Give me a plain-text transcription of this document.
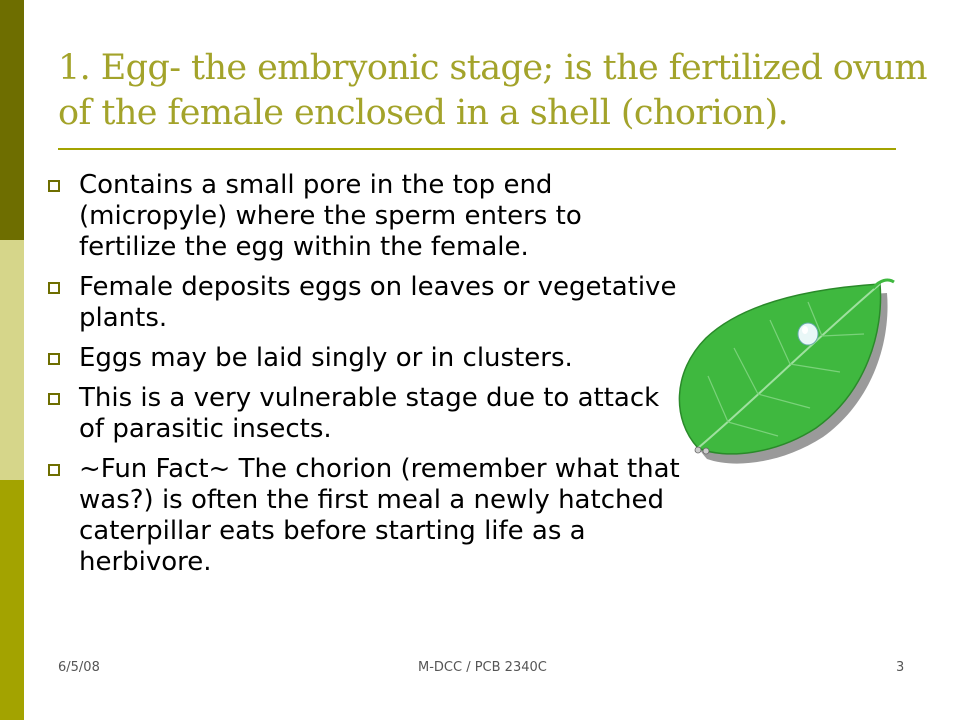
1. Egg- the embryonic stage; is the fertilized ovum of the female enclosed in a shell (chorion).
Contains a small pore in the top end (micropyle) where the sperm enters to fertilize the egg within the female.
Female deposits eggs on leaves or vegetative plants.
Eggs may be laid singly or in clusters.
This is a very vulnerable stage due to attack of parasitic insects.
~Fun Fact~ The chorion (remember what that was?) is often the first meal a newly hatched caterpillar eats before starting life as a herbivore.
6/5/08	M-DCC / PCB 2340C	3
